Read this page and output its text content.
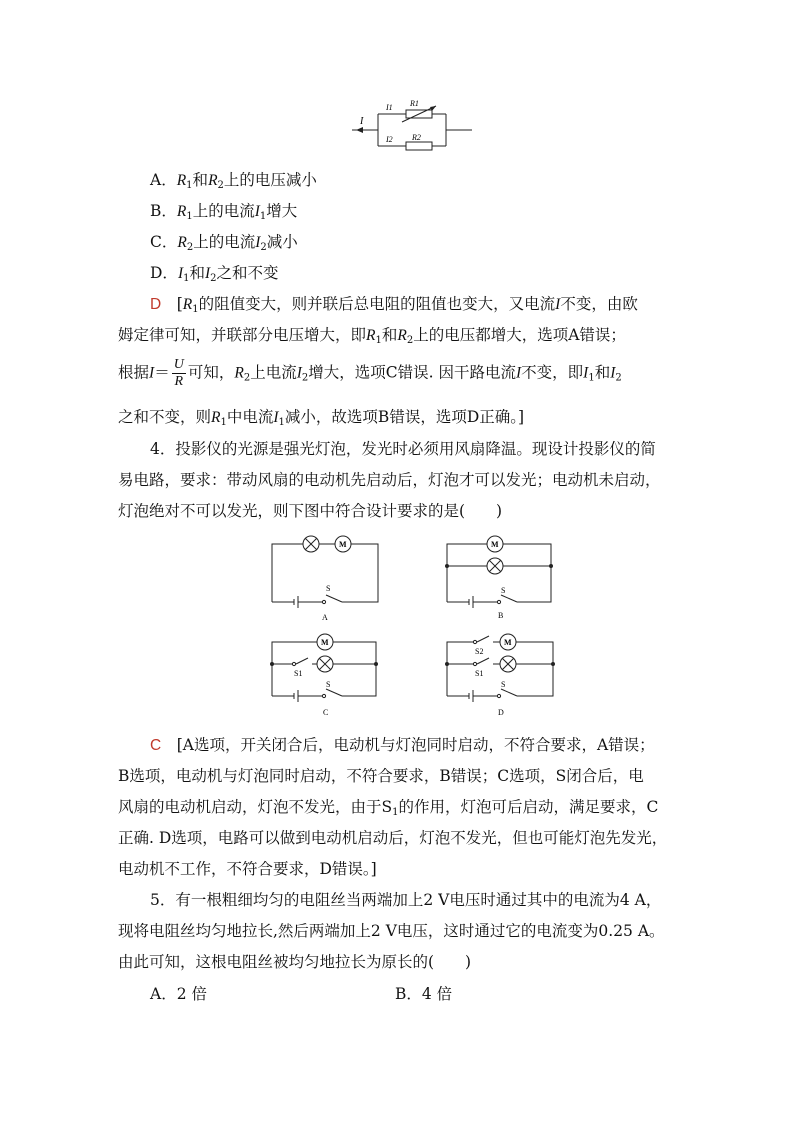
I
I1 R1
I2 R2
A．$R_1$和$R_2$上的电压减小
B．$R_1$上的电流$I_1$增大
C．$R_2$上的电流$I_2$减小
D．$I_1$和$I_2$之和不变
D　 [$R_1$的阻值变大，则并联后总电阻的阻值也变大，又电流I不变，由欧
姆定律可知，并联部分电压增大，即$R_1$和$R_2$上的电压都增大，选项A错误；
根据$I= \frac{U}{R}$ 可知，$R_2$上电流$I_2$增大，选项C错误. 因干路电流I不变，即$I_1$和$I_2$
之和不变，则$R_1$中电流$I_1$减小，故选项B错误，选项D正确。]
4．投影仪的光源是强光灯泡，发光时必须用风扇降温。现设计投影仪的简
易电路，要求：带动风扇的电动机先启动后，灯泡才可以发光；电动机未启动，
灯泡绝对不可以发光，则下图中符合设计要求的是(　　)
M
S
A
M
S
B
M
S1
S
C
M
S2
S1
S
D
C　 [A选项，开关闭合后，电动机与灯泡同时启动，不符合要求，A错误；
B选项，电动机与灯泡同时启动，不符合要求，B错误；C选项，S闭合后，电
风扇的电动机启动，灯泡不发光，由于$S_1$的作用，灯泡可后启动，满足要求，C
正确. D选项，电路可以做到电动机启动后，灯泡不发光，但也可能灯泡先发光，
电动机不工作，不符合要求，D错误。]
5．有一根粗细均匀的电阻丝当两端加上2 V电压时通过其中的电流为4 A，
现将电阻丝均匀地拉长,然后两端加上2 V电压，这时通过它的电流变为0.25 A。
由此可知，这根电阻丝被均匀地拉长为原长的(　　)
A．2 倍	B．4 倍
